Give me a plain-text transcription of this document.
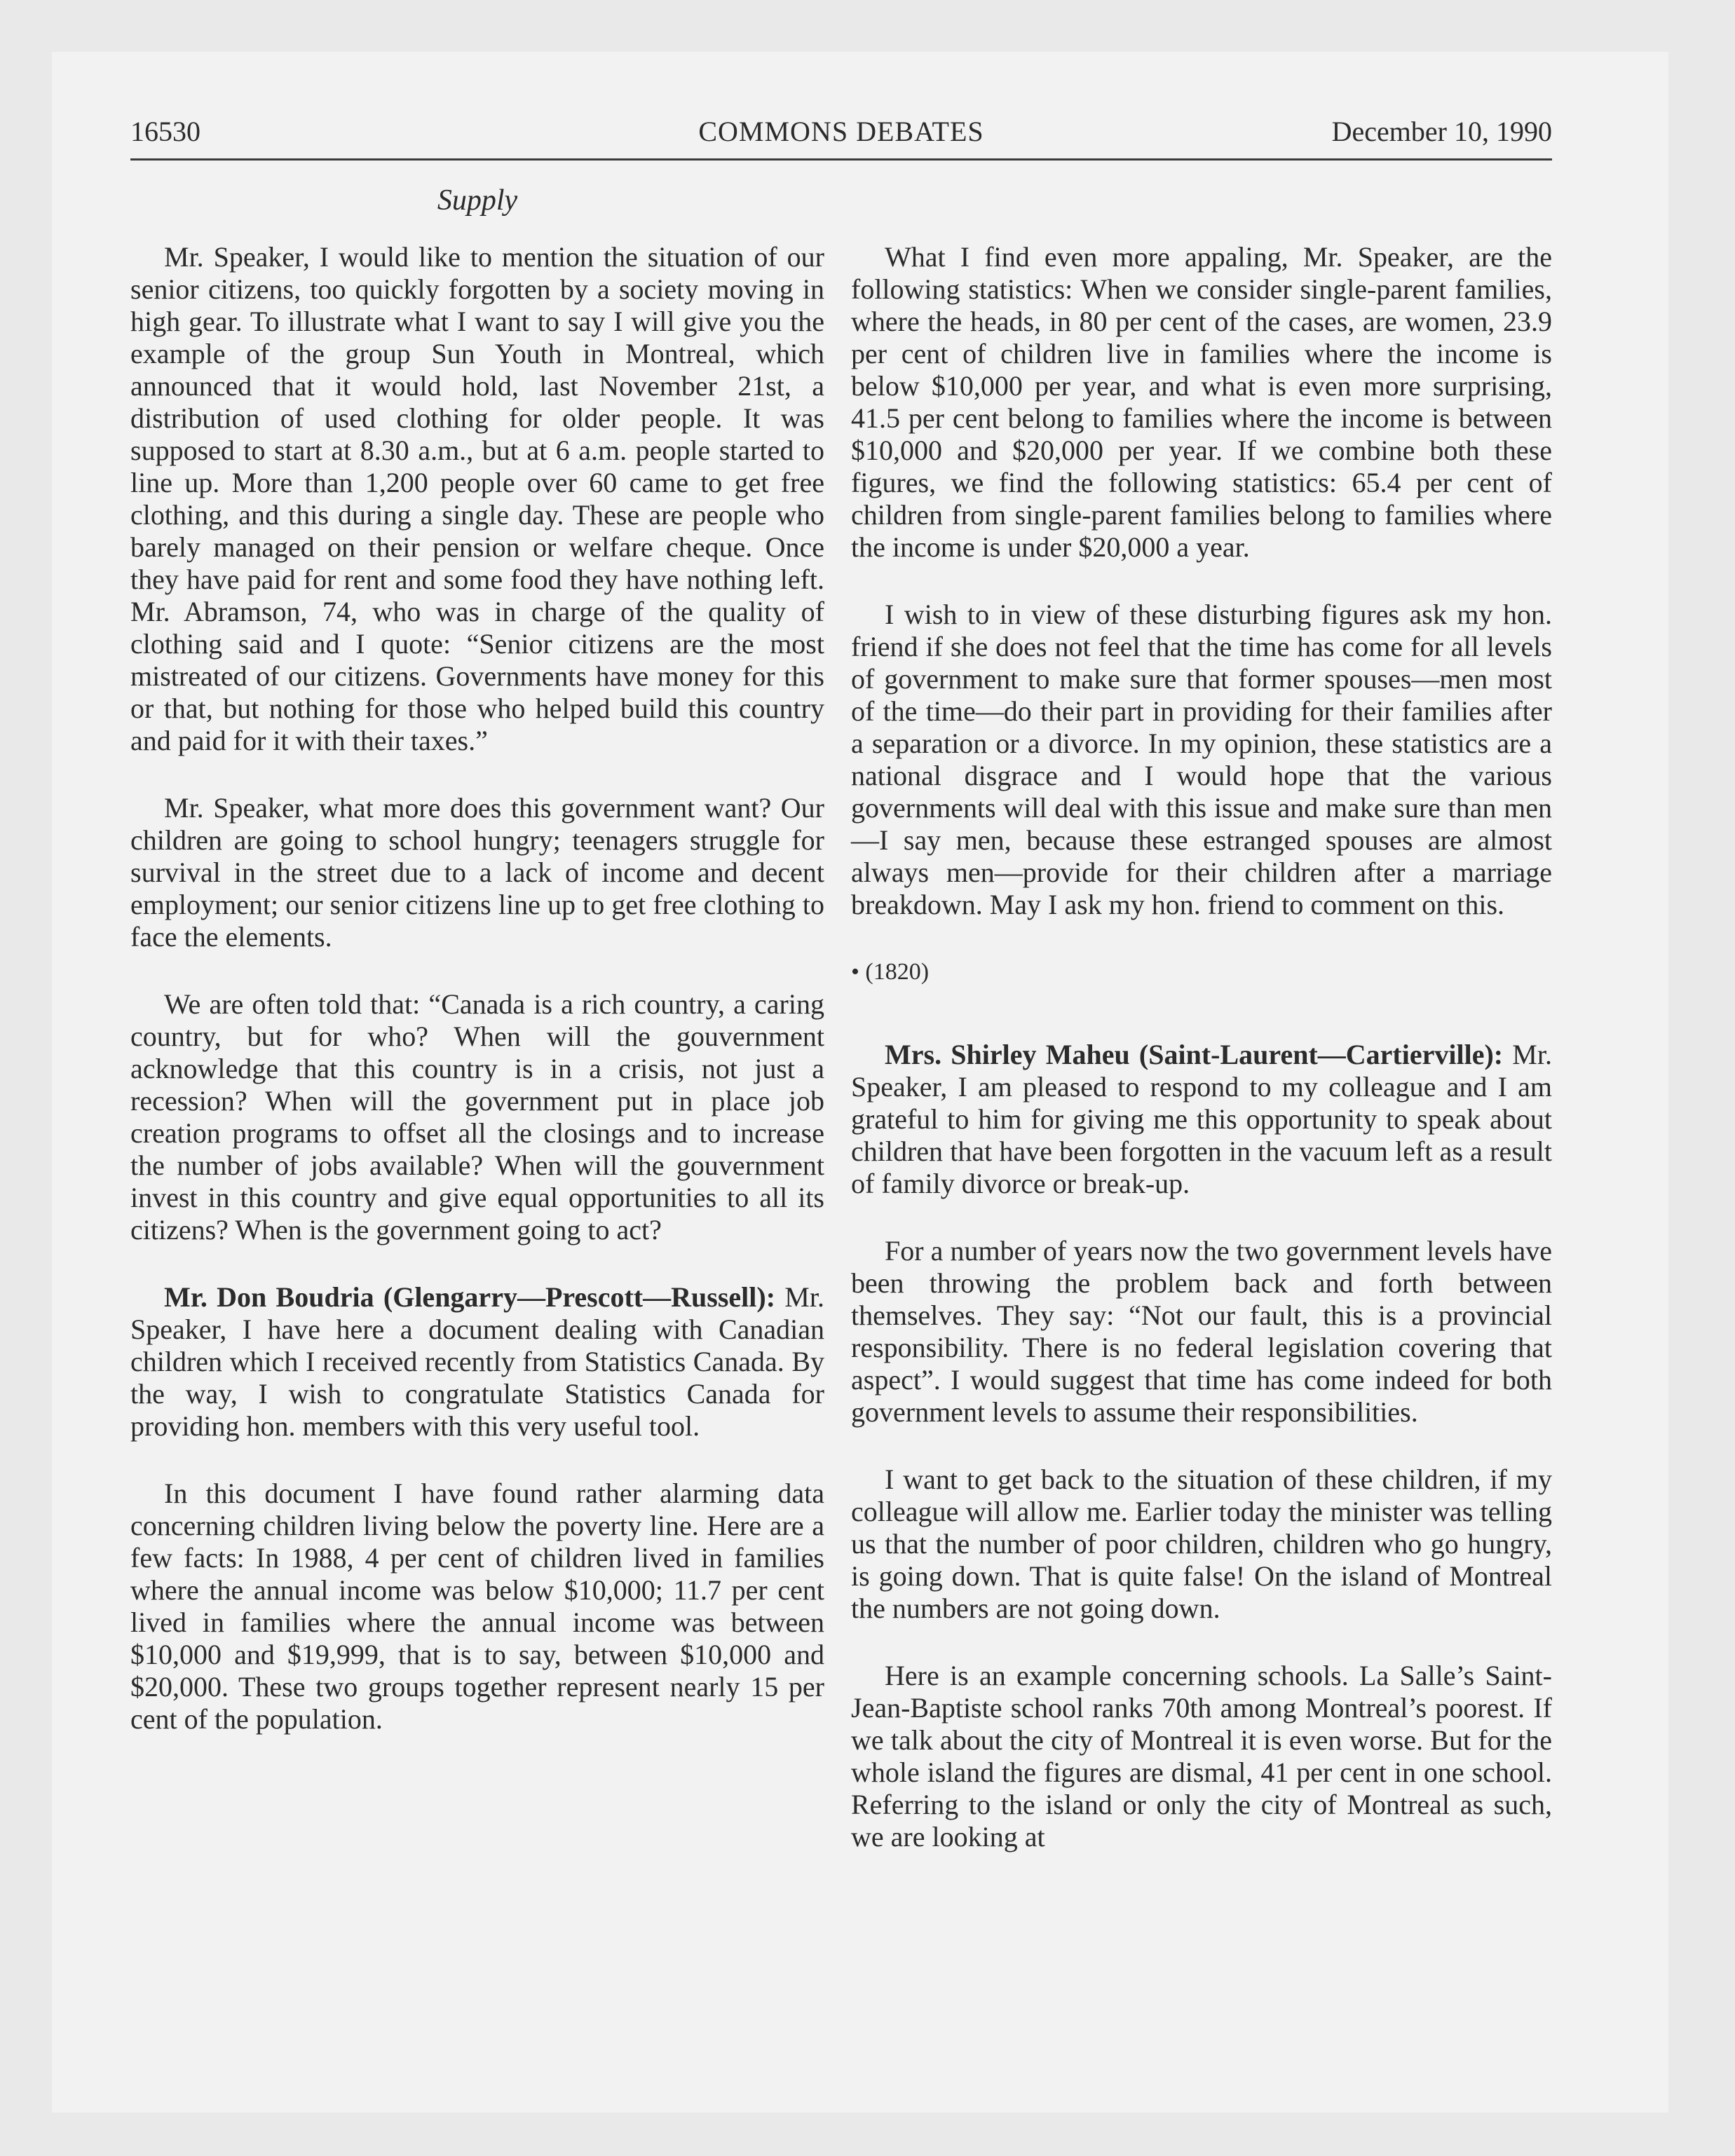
16530	COMMONS DEBATES	December 10, 1990
Supply

Mr. Speaker, I would like to mention the situation of our senior citizens, too quickly forgotten by a society moving in high gear. To illustrate what I want to say I will give you the example of the group Sun Youth in Montreal, which announced that it would hold, last November 21st, a distribution of used clothing for older people. It was supposed to start at 8.30 a.m., but at 6 a.m. people started to line up. More than 1,200 people over 60 came to get free clothing, and this during a single day. These are people who barely managed on their pension or welfare cheque. Once they have paid for rent and some food they have nothing left. Mr. Abramson, 74, who was in charge of the quality of clothing said and I quote: “Senior citizens are the most mistreated of our citizens. Governments have money for this or that, but nothing for those who helped build this country and paid for it with their taxes.”

Mr. Speaker, what more does this government want? Our children are going to school hungry; teenagers struggle for survival in the street due to a lack of income and decent employment; our senior citizens line up to get free clothing to face the elements.

We are often told that: “Canada is a rich country, a caring country, but for who? When will the gouvernment acknowledge that this country is in a crisis, not just a recession? When will the government put in place job creation programs to offset all the closings and to increase the number of jobs available? When will the gouvernment invest in this country and give equal opportunities to all its citizens? When is the government going to act?

Mr. Don Boudria (Glengarry—Prescott—Russell): Mr. Speaker, I have here a document dealing with Canadian children which I received recently from Statistics Canada. By the way, I wish to congratulate Statistics Canada for providing hon. members with this very useful tool.

In this document I have found rather alarming data concerning children living below the poverty line. Here are a few facts: In 1988, 4 per cent of children lived in families where the annual income was below $10,000; 11.7 per cent lived in families where the annual income was between $10,000 and $19,999, that is to say, between $10,000 and $20,000. These two groups together represent nearly 15 per cent of the population.

What I find even more appaling, Mr. Speaker, are the following statistics: When we consider single-parent families, where the heads, in 80 per cent of the cases, are women, 23.9 per cent of children live in families where the income is below $10,000 per year, and what is even more surprising, 41.5 per cent belong to families where the income is between $10,000 and $20,000 per year. If we combine both these figures, we find the following statistics: 65.4 per cent of children from single-parent families belong to families where the income is under $20,000 a year.

I wish to in view of these disturbing figures ask my hon. friend if she does not feel that the time has come for all levels of government to make sure that former spouses—men most of the time—do their part in providing for their families after a separation or a divorce. In my opinion, these statistics are a national disgrace and I would hope that the various governments will deal with this issue and make sure than men—I say men, because these estranged spouses are almost always men—provide for their children after a marriage breakdown. May I ask my hon. friend to comment on this.

• (1820)

Mrs. Shirley Maheu (Saint-Laurent—Cartierville): Mr. Speaker, I am pleased to respond to my colleague and I am grateful to him for giving me this opportunity to speak about children that have been forgotten in the vacuum left as a result of family divorce or break-up.

For a number of years now the two government levels have been throwing the problem back and forth between themselves. They say: “Not our fault, this is a provincial responsibility. There is no federal legislation covering that aspect”. I would suggest that time has come indeed for both government levels to assume their responsibilities.

I want to get back to the situation of these children, if my colleague will allow me. Earlier today the minister was telling us that the number of poor children, children who go hungry, is going down. That is quite false! On the island of Montreal the numbers are not going down.

Here is an example concerning schools. La Salle’s Saint-Jean-Baptiste school ranks 70th among Montreal’s poorest. If we talk about the city of Montreal it is even worse. But for the whole island the figures are dismal, 41 per cent in one school. Referring to the island or only the city of Montreal as such, we are looking at
